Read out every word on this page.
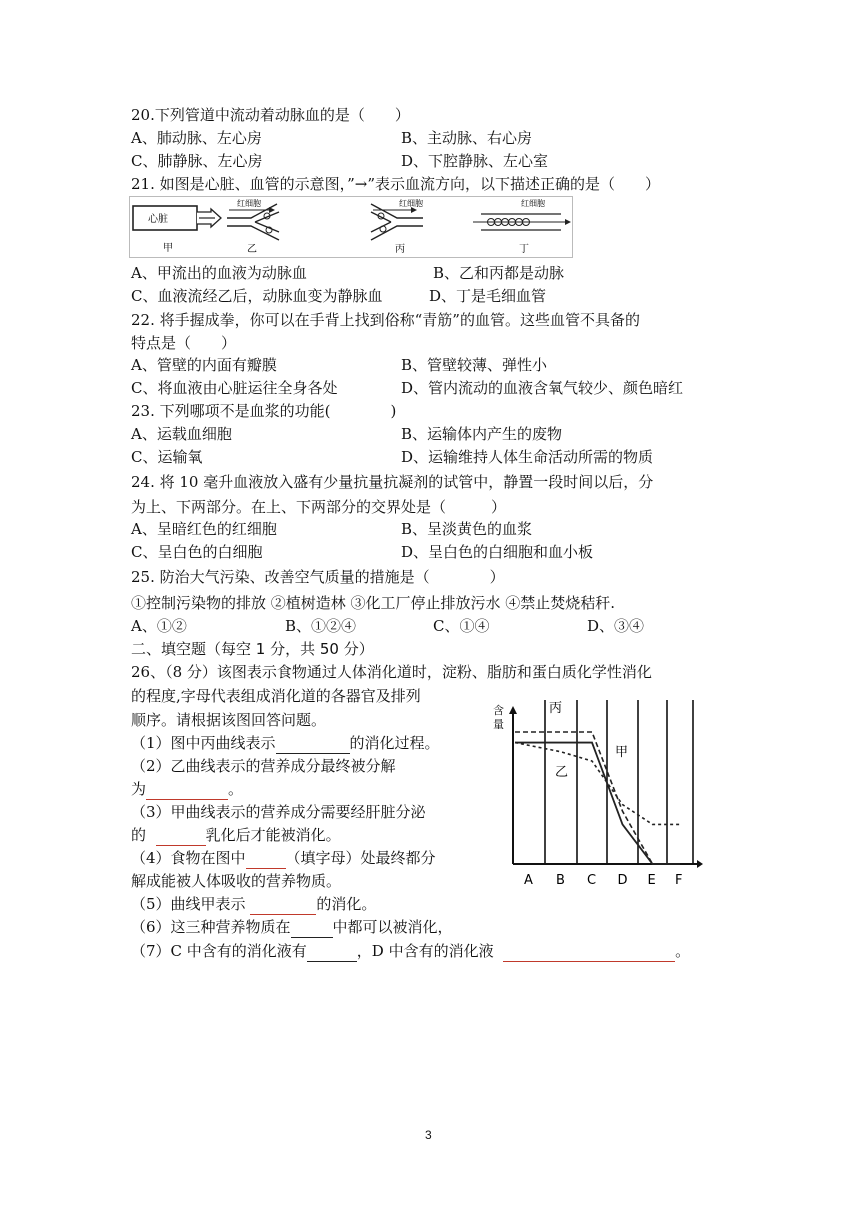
20.下列管道中流动着动脉血的是（　　）
A、肺动脉、左心房	B、主动脉、右心房
C、肺静脉、左心房	D、下腔静脉、左心室
21. 如图是心脏、血管的示意图，”→”表示血流方向，以下描述正确的是（　　）
心脏
甲
红细胞
乙
红细胞
丙
红细胞
丁
A、甲流出的血液为动脉血	B、乙和丙都是动脉
C、血液流经乙后，动脉血变为静脉血	D、丁是毛细血管
22. 将手握成拳，你可以在手背上找到俗称“青筋”的血管。这些血管不具备的
特点是（　　）
A、管壁的内面有瓣膜	B、管壁较薄、弹性小
C、将血液由心脏运往全身各处	D、管内流动的血液含氧气较少、颜色暗红
23. 下列哪项不是血浆的功能(　　　　)
A、运载血细胞	B、运输体内产生的废物
C、运输氧	D、运输维持人体生命活动所需的物质
24. 将 10 毫升血液放入盛有少量抗量抗凝剂的试管中，静置一段时间以后，分
为上、下两部分。在上、下两部分的交界处是（　　　）
A、呈暗红色的红细胞	B、呈淡黄色的血浆
C、呈白色的白细胞	D、呈白色的白细胞和血小板
25. 防治大气污染、改善空气质量的措施是（　　　　）
①控制污染物的排放 ②植树造林 ③化工厂停止排放污水 ④禁止焚烧秸秆.
A、①②	B、①②④	C、①④	D、③④
二、填空题（每空 1 分，共 50 分）
26、（8 分）该图表示食物通过人体消化道时，淀粉、脂肪和蛋白质化学性消化
的程度,字母代表组成消化道的各器官及排列
顺序。请根据该图回答问题。
（1）图中丙曲线表示	的消化过程。
（2）乙曲线表示的营养成分最终被分解
为	。
（3）甲曲线表示的营养成分需要经肝脏分泌
的	乳化后才能被消化。
（4）食物在图中	（填字母）处最终都分
解成能被人体吸收的营养物质。
（5）曲线甲表示	的消化。
（6）这三种营养物质在	中都可以被消化，
（7）C 中含有的消化液有	，D 中含有的消化液	。
含
量
A B C D E F
丙
乙
甲
3
